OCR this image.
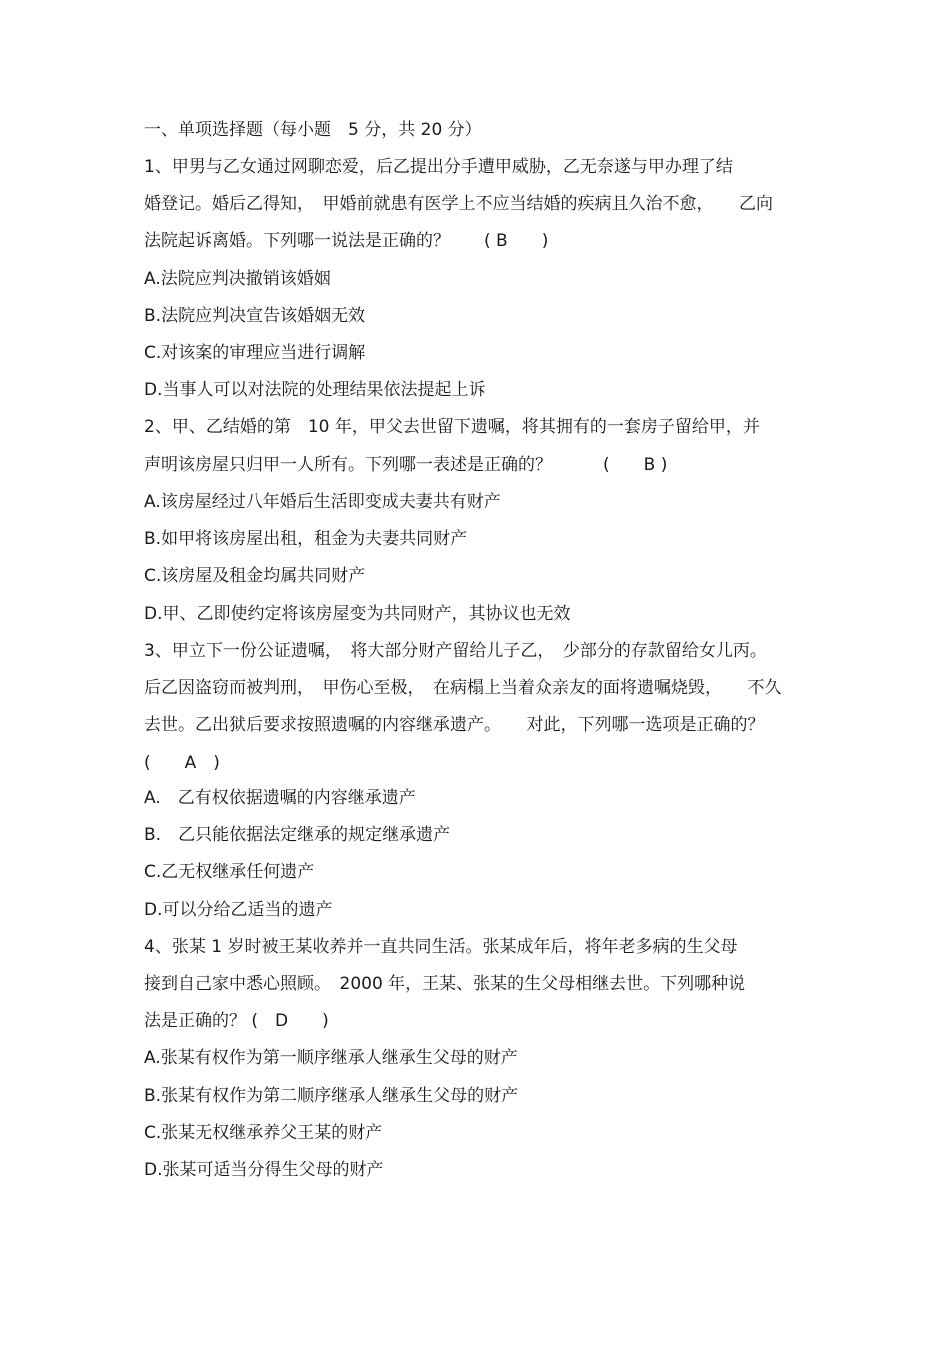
一、单项选择题（每小题　5 分，共 20 分）

1、甲男与乙女通过网聊恋爱，后乙提出分手遭甲威胁，乙无奈遂与甲办理了结

婚登记。婚后乙得知，　甲婚前就患有医学上不应当结婚的疾病且久治不愈，　　乙向

法院起诉离婚。下列哪一说法是正确的？　　( B　　)

A.法院应判决撤销该婚姻

B.法院应判决宣告该婚姻无效

C.对该案的审理应当进行调解

D.当事人可以对法院的处理结果依法提起上诉

2、甲、乙结婚的第　10 年，甲父去世留下遗嘱，将其拥有的一套房子留给甲，并

声明该房屋只归甲一人所有。下列哪一表述是正确的？　　　(　　B )

A.该房屋经过八年婚后生活即变成夫妻共有财产

B.如甲将该房屋出租，租金为夫妻共同财产

C.该房屋及租金均属共同财产

D.甲、乙即使约定将该房屋变为共同财产，其协议也无效

3、甲立下一份公证遗嘱，　将大部分财产留给儿子乙，　少部分的存款留给女儿丙。

后乙因盗窃而被判刑，　甲伤心至极，　在病榻上当着众亲友的面将遗嘱烧毁，　　不久

去世。乙出狱后要求按照遗嘱的内容继承遗产。　　对此，下列哪一选项是正确的？

(　　A　)

A.　乙有权依据遗嘱的内容继承遗产

B.　乙只能依据法定继承的规定继承遗产

C.乙无权继承任何遗产

D.可以分给乙适当的遗产

4、张某 1 岁时被王某收养并一直共同生活。张某成年后，将年老多病的生父母

接到自己家中悉心照顾。　2000 年，王某、张某的生父母相继去世。下列哪种说

法是正确的？ (　D　　)

A.张某有权作为第一顺序继承人继承生父母的财产

B.张某有权作为第二顺序继承人继承生父母的财产

C.张某无权继承养父王某的财产

D.张某可适当分得生父母的财产
